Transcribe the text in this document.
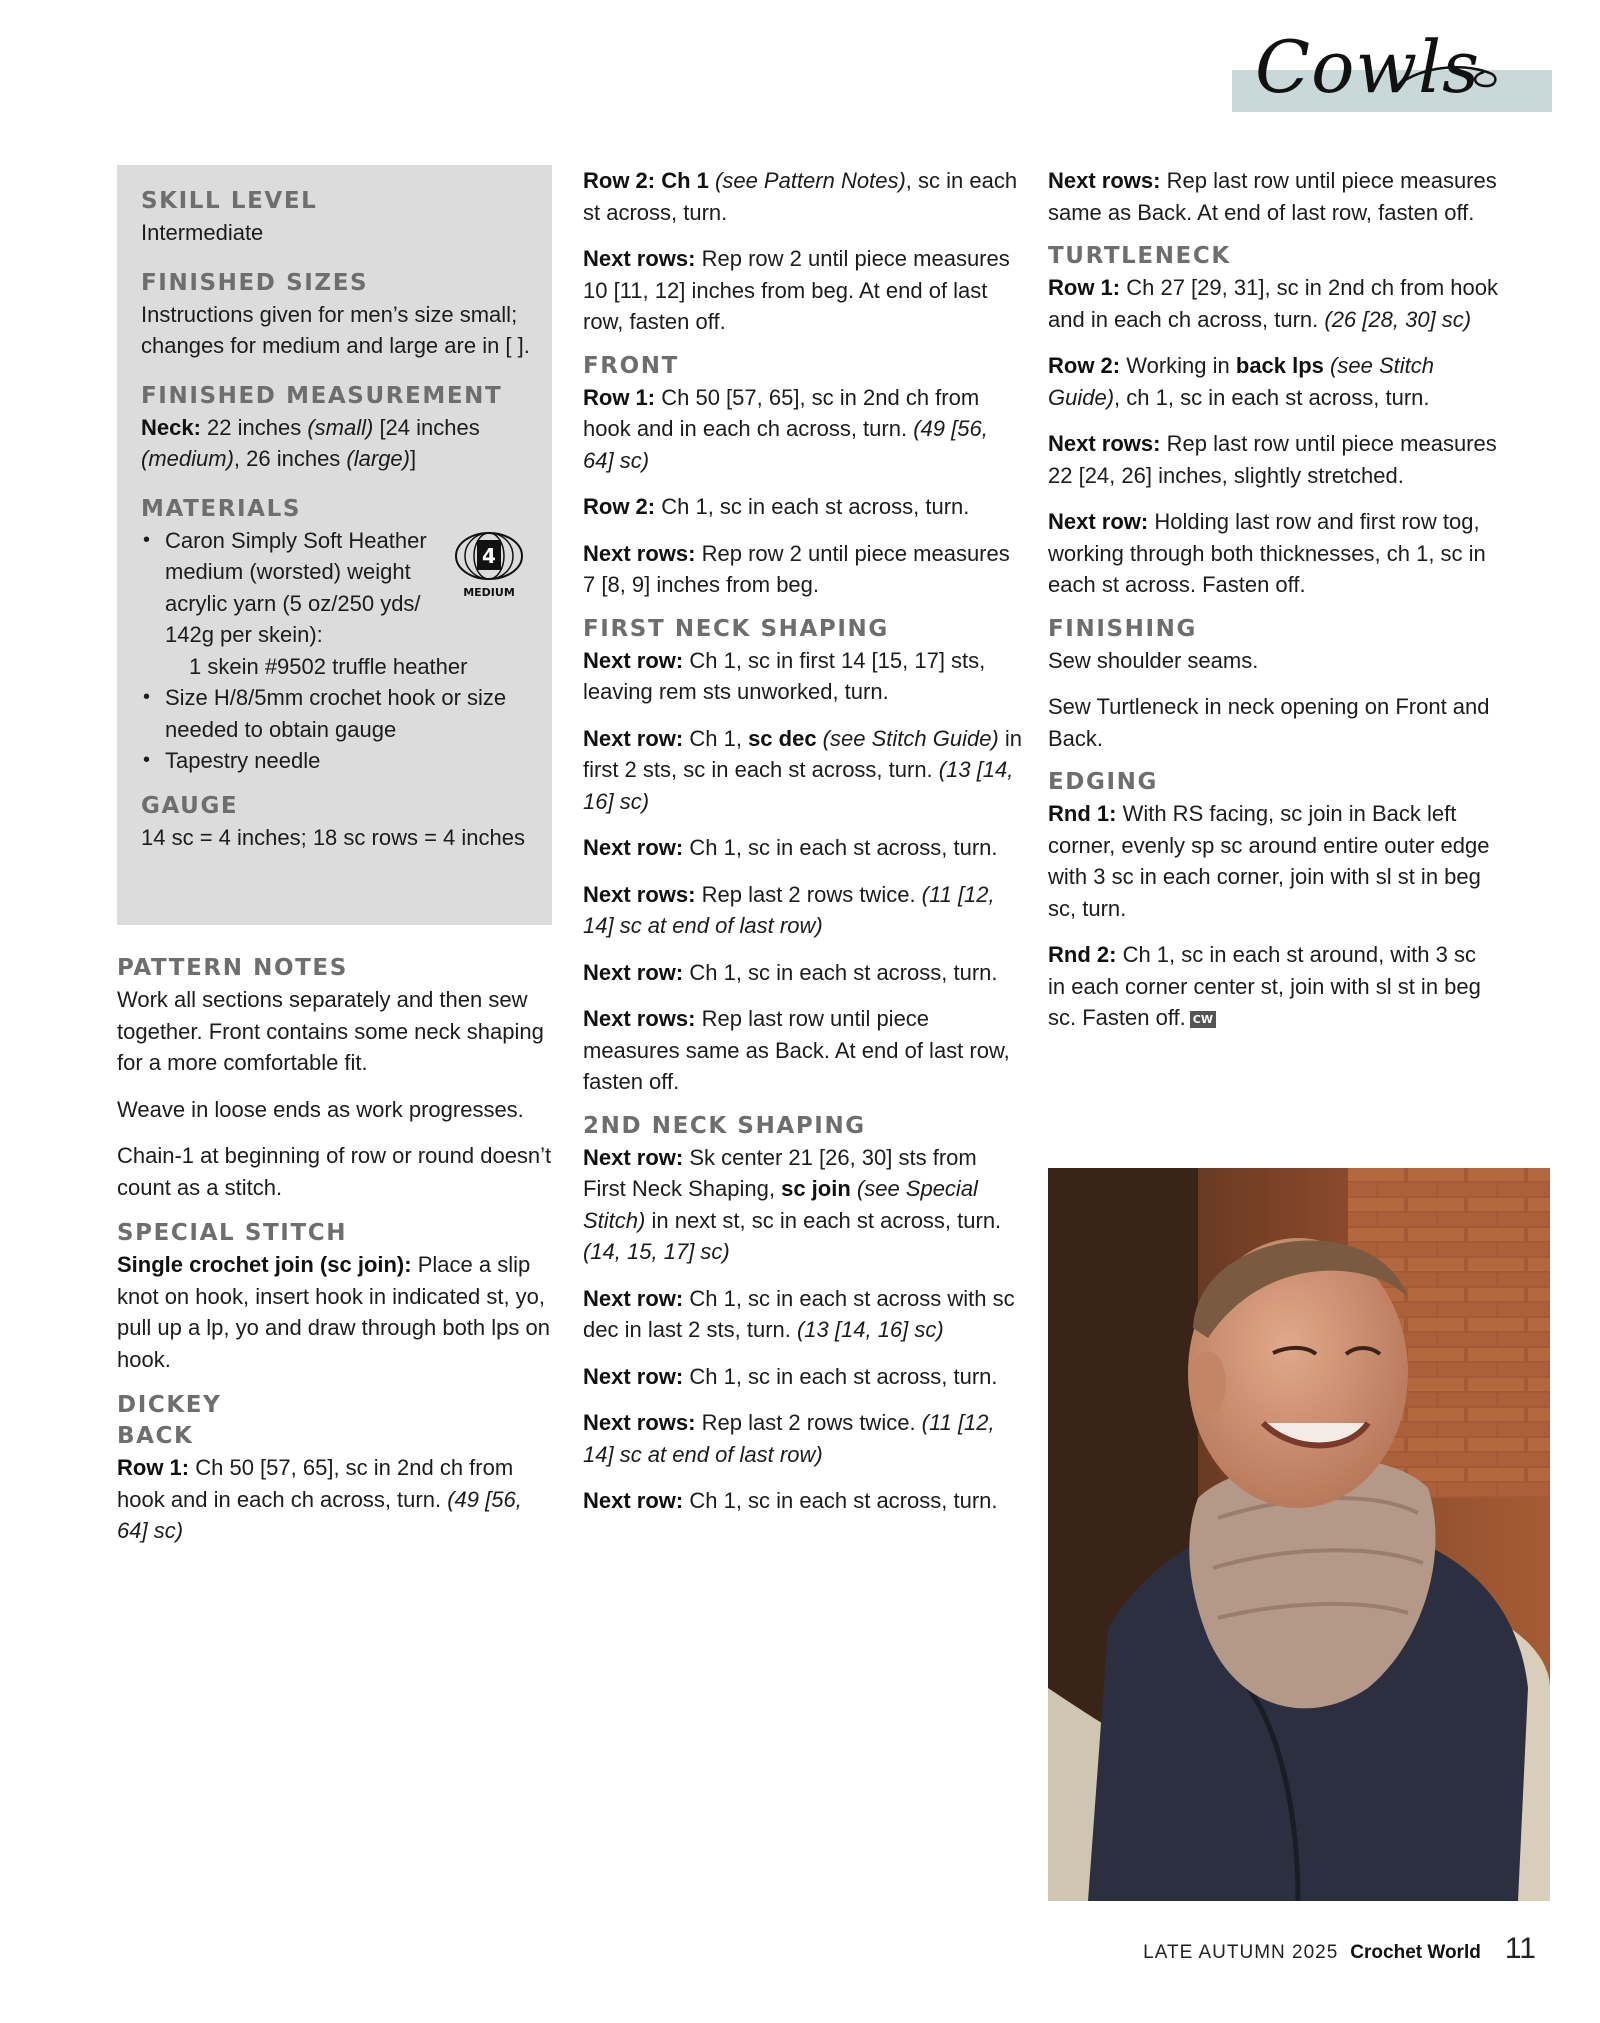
Cowls
SKILL LEVEL
Intermediate
FINISHED SIZES
Instructions given for men’s size small; changes for medium and large are in [ ].
FINISHED MEASUREMENT
Neck: 22 inches (small) [24 inches (medium), 26 inches (large)]
MATERIALS
4
MEDIUM
• Caron Simply Soft Heather medium (worsted) weight acrylic yarn (5 oz/250 yds/ 142g per skein):
1 skein #9502 truffle heather
• Size H/8/5mm crochet hook or size needed to obtain gauge
• Tapestry needle
GAUGE
14 sc = 4 inches; 18 sc rows = 4 inches
PATTERN NOTES

Work all sections separately and then sew together. Front contains some neck shaping for a more comfortable fit.

Weave in loose ends as work progresses.

Chain-1 at beginning of row or round doesn’t count as a stitch.

SPECIAL STITCH

Single crochet join (sc join): Place a slip knot on hook, insert hook in indicated st, yo, pull up a lp, yo and draw through both lps on hook.

DICKEY
BACK

Row 1: Ch 50 [57, 65], sc in 2nd ch from hook and in each ch across, turn. (49 [56, 64] sc)

Row 2: Ch 1 (see Pattern Notes), sc in each st across, turn.

Next rows: Rep row 2 until piece measures 10 [11, 12] inches from beg. At end of last row, fasten off.

FRONT

Row 1: Ch 50 [57, 65], sc in 2nd ch from hook and in each ch across, turn. (49 [56, 64] sc)

Row 2: Ch 1, sc in each st across, turn.

Next rows: Rep row 2 until piece measures 7 [8, 9] inches from beg.

FIRST NECK SHAPING

Next row: Ch 1, sc in first 14 [15, 17] sts, leaving rem sts unworked, turn.

Next row: Ch 1, sc dec (see Stitch Guide) in first 2 sts, sc in each st across, turn. (13 [14, 16] sc)

Next row: Ch 1, sc in each st across, turn.

Next rows: Rep last 2 rows twice. (11 [12, 14] sc at end of last row)

Next row: Ch 1, sc in each st across, turn.

Next rows: Rep last row until piece measures same as Back. At end of last row, fasten off.

2ND NECK SHAPING

Next row: Sk center 21 [26, 30] sts from First Neck Shaping, sc join (see Special Stitch) in next st, sc in each st across, turn. (14, 15, 17] sc)

Next row: Ch 1, sc in each st across with sc dec in last 2 sts, turn. (13 [14, 16] sc)

Next row: Ch 1, sc in each st across, turn.

Next rows: Rep last 2 rows twice. (11 [12, 14] sc at end of last row)

Next row: Ch 1, sc in each st across, turn.

Next rows: Rep last row until piece measures same as Back. At end of last row, fasten off.

TURTLENECK

Row 1: Ch 27 [29, 31], sc in 2nd ch from hook and in each ch across, turn. (26 [28, 30] sc)

Row 2: Working in back lps (see Stitch Guide), ch 1, sc in each st across, turn.

Next rows: Rep last row until piece measures 22 [24, 26] inches, slightly stretched.

Next row: Holding last row and first row tog, working through both thicknesses, ch 1, sc in each st across. Fasten off.

FINISHING

Sew shoulder seams.

Sew Turtleneck in neck opening on Front and Back.

EDGING

Rnd 1: With RS facing, sc join in Back left corner, evenly sp sc around entire outer edge with 3 sc in each corner, join with sl st in beg sc, turn.

Rnd 2: Ch 1, sc in each st around, with 3 sc in each corner center st, join with sl st in beg sc. Fasten off. CW

LATE AUTUMN 2025 Crochet World 11
